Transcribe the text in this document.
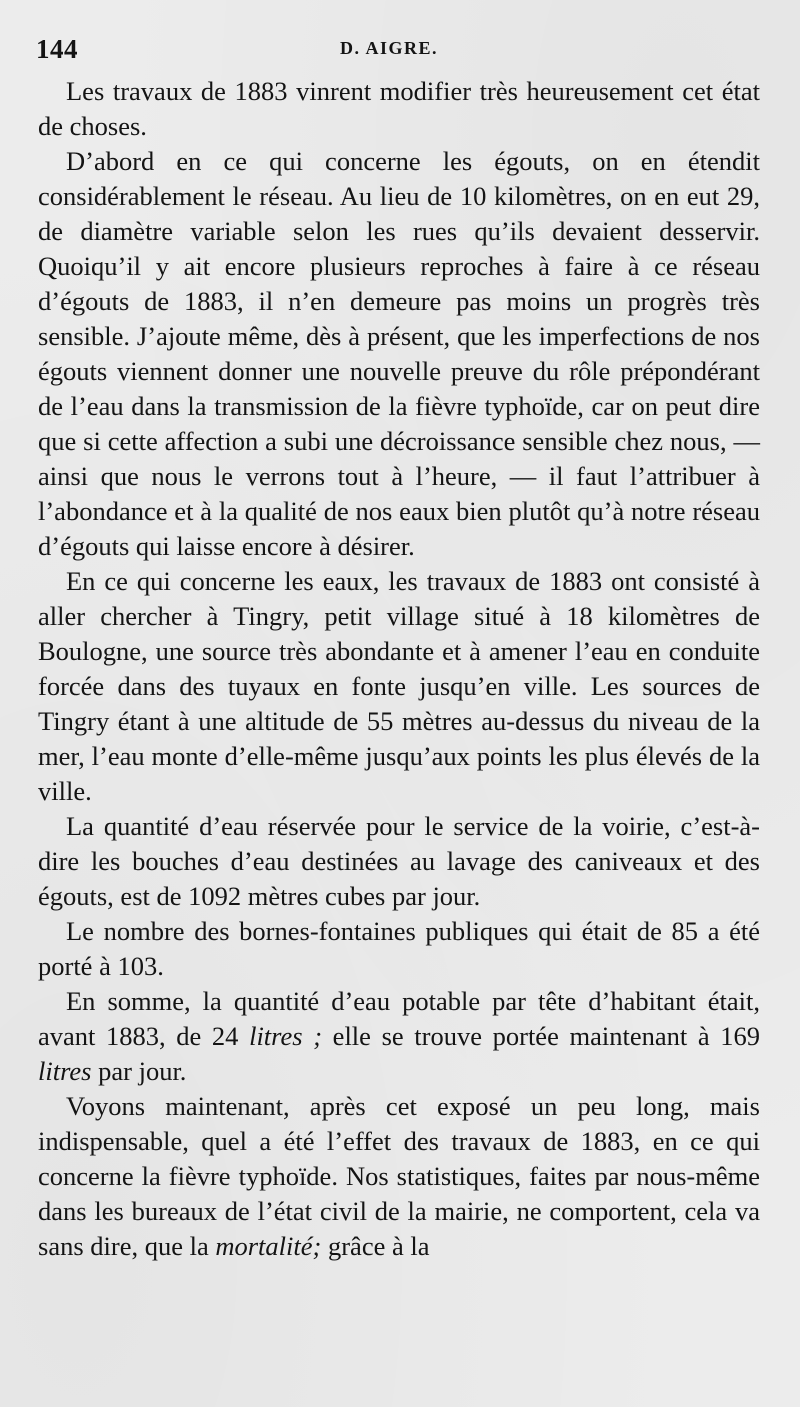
144	D. AIGRE.

Les travaux de 1883 vinrent modifier très heureusement cet état de choses.

D’abord en ce qui concerne les égouts, on en étendit considérablement le réseau. Au lieu de 10 kilomètres, on en eut 29, de diamètre variable selon les rues qu’ils devaient desservir. Quoiqu’il y ait encore plusieurs reproches à faire à ce réseau d’égouts de 1883, il n’en demeure pas moins un progrès très sensible. J’ajoute même, dès à présent, que les imperfections de nos égouts viennent donner une nouvelle preuve du rôle prépondérant de l’eau dans la transmission de la fièvre typhoïde, car on peut dire que si cette affection a subi une décroissance sensible chez nous, — ainsi que nous le verrons tout à l’heure, — il faut l’attribuer à l’abondance et à la qualité de nos eaux bien plutôt qu’à notre réseau d’égouts qui laisse encore à désirer.

En ce qui concerne les eaux, les travaux de 1883 ont consisté à aller chercher à Tingry, petit village situé à 18 kilomètres de Boulogne, une source très abondante et à amener l’eau en conduite forcée dans des tuyaux en fonte jusqu’en ville. Les sources de Tingry étant à une altitude de 55 mètres au-dessus du niveau de la mer, l’eau monte d’elle-même jusqu’aux points les plus élevés de la ville.

La quantité d’eau réservée pour le service de la voirie, c’est-à-dire les bouches d’eau destinées au lavage des caniveaux et des égouts, est de 1092 mètres cubes par jour.

Le nombre des bornes-fontaines publiques qui était de 85 a été porté à 103.

En somme, la quantité d’eau potable par tête d’habitant était, avant 1883, de 24 litres ; elle se trouve portée maintenant à 169 litres par jour.

Voyons maintenant, après cet exposé un peu long, mais indispensable, quel a été l’effet des travaux de 1883, en ce qui concerne la fièvre typhoïde. Nos statistiques, faites par nous-même dans les bureaux de l’état civil de la mairie, ne comportent, cela va sans dire, que la mortalité; grâce à la
